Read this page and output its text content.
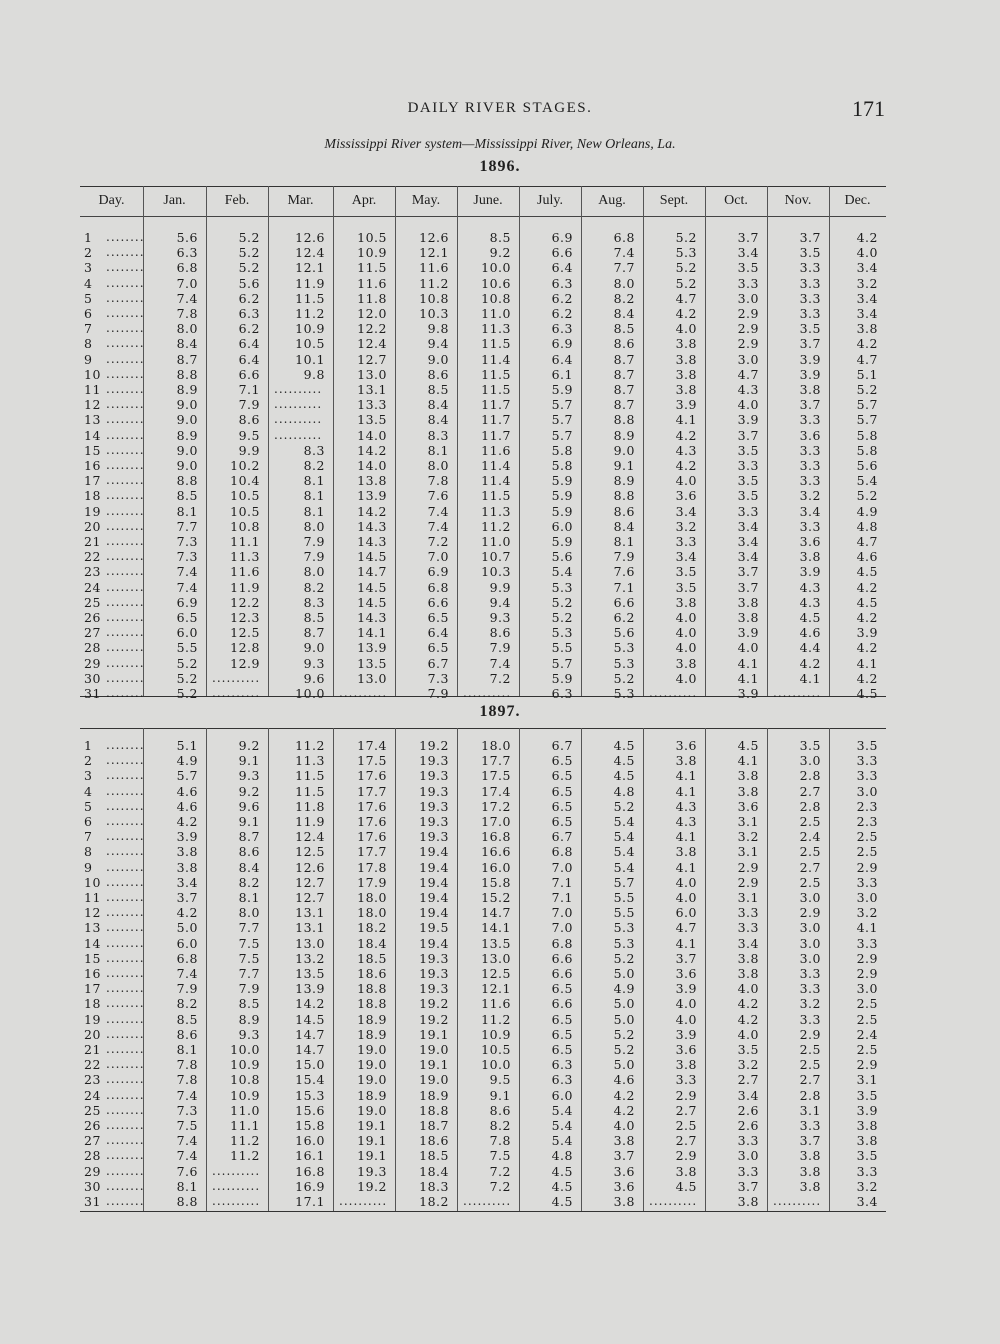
DAILY RIVER STAGES.	171
Mississippi River system—Mississippi River, New Orleans, La.
1896.
1897.
Day.	Jan.	Feb.	Mar.	Apr.	May.	June.	July.	Aug.	Sept.	Oct.	Nov.	Dec.
1	........	5.6	5.2	12.6	10.5	12.6	8.5	6.9	6.8	5.2	3.7	3.7	4.2
2	........	6.3	5.2	12.4	10.9	12.1	9.2	6.6	7.4	5.3	3.4	3.5	4.0
3	........	6.8	5.2	12.1	11.5	11.6	10.0	6.4	7.7	5.2	3.5	3.3	3.4
4	........	7.0	5.6	11.9	11.6	11.2	10.6	6.3	8.0	5.2	3.3	3.3	3.2
5	........	7.4	6.2	11.5	11.8	10.8	10.8	6.2	8.2	4.7	3.0	3.3	3.4
6	........	7.8	6.3	11.2	12.0	10.3	11.0	6.2	8.4	4.2	2.9	3.3	3.4
7	........	8.0	6.2	10.9	12.2	9.8	11.3	6.3	8.5	4.0	2.9	3.5	3.8
8	........	8.4	6.4	10.5	12.4	9.4	11.5	6.9	8.6	3.8	2.9	3.7	4.2
9	........	8.7	6.4	10.1	12.7	9.0	11.4	6.4	8.7	3.8	3.0	3.9	4.7
10 ........	8.8	6.6	9.8	13.0	8.6	11.5	6.1	8.7	3.8	4.7	3.9	5.1
11 ........	8.9	7.1 ..........	13.1	8.5	11.5	5.9	8.7	3.8	4.3	3.8	5.2
12 ........	9.0	7.9 ..........	13.3	8.4	11.7	5.7	8.7	3.9	4.0	3.7	5.7
13 ........	9.0	8.6 ..........	13.5	8.4	11.7	5.7	8.8	4.1	3.9	3.3	5.7
14 ........	8.9	9.5 ..........	14.0	8.3	11.7	5.7	8.9	4.2	3.7	3.6	5.8
15 ........	9.0	9.9	8.3	14.2	8.1	11.6	5.8	9.0	4.3	3.5	3.3	5.8
16 ........	9.0	10.2	8.2	14.0	8.0	11.4	5.8	9.1	4.2	3.3	3.3	5.6
17 ........	8.8	10.4	8.1	13.8	7.8	11.4	5.9	8.9	4.0	3.5	3.3	5.4
18 ........	8.5	10.5	8.1	13.9	7.6	11.5	5.9	8.8	3.6	3.5	3.2	5.2
19 ........	8.1	10.5	8.1	14.2	7.4	11.3	5.9	8.6	3.4	3.3	3.4	4.9
20 ........	7.7	10.8	8.0	14.3	7.4	11.2	6.0	8.4	3.2	3.4	3.3	4.8
21 ........	7.3	11.1	7.9	14.3	7.2	11.0	5.9	8.1	3.3	3.4	3.6	4.7
22 ........	7.3	11.3	7.9	14.5	7.0	10.7	5.6	7.9	3.4	3.4	3.8	4.6
23 ........	7.4	11.6	8.0	14.7	6.9	10.3	5.4	7.6	3.5	3.7	3.9	4.5
24 ........	7.4	11.9	8.2	14.5	6.8	9.9	5.3	7.1	3.5	3.7	4.3	4.2
25 ........	6.9	12.2	8.3	14.5	6.6	9.4	5.2	6.6	3.8	3.8	4.3	4.5
26 ........	6.5	12.3	8.5	14.3	6.5	9.3	5.2	6.2	4.0	3.8	4.5	4.2
27 ........	6.0	12.5	8.7	14.1	6.4	8.6	5.3	5.6	4.0	3.9	4.6	3.9
28 ........	5.5	12.8	9.0	13.9	6.5	7.9	5.5	5.3	4.0	4.0	4.4	4.2
29 ........	5.2	12.9	9.3	13.5	6.7	7.4	5.7	5.3	3.8	4.1	4.2	4.1
30 ........	5.2 ..........	9.6	13.0	7.3	7.2	5.9	5.2	4.0	4.1	4.1	4.2
31 ........	5.2 ..........	10.0 ..........	7.9 ..........	6.3	5.3 ..........	3.9 ..........	4.5
1	........	5.1	9.2	11.2	17.4	19.2	18.0	6.7	4.5	3.6	4.5	3.5	3.5
2	........	4.9	9.1	11.3	17.5	19.3	17.7	6.5	4.5	3.8	4.1	3.0	3.3
3	........	5.7	9.3	11.5	17.6	19.3	17.5	6.5	4.5	4.1	3.8	2.8	3.3
4	........	4.6	9.2	11.5	17.7	19.3	17.4	6.5	4.8	4.1	3.8	2.7	3.0
5	........	4.6	9.6	11.8	17.6	19.3	17.2	6.5	5.2	4.3	3.6	2.8	2.3
6	........	4.2	9.1	11.9	17.6	19.3	17.0	6.5	5.4	4.3	3.1	2.5	2.3
7	........	3.9	8.7	12.4	17.6	19.3	16.8	6.7	5.4	4.1	3.2	2.4	2.5
8	........	3.8	8.6	12.5	17.7	19.4	16.6	6.8	5.4	3.8	3.1	2.5	2.5
9	........	3.8	8.4	12.6	17.8	19.4	16.0	7.0	5.4	4.1	2.9	2.7	2.9
10 ........	3.4	8.2	12.7	17.9	19.4	15.8	7.1	5.7	4.0	2.9	2.5	3.3
11 ........	3.7	8.1	12.7	18.0	19.4	15.2	7.1	5.5	4.0	3.1	3.0	3.0
12 ........	4.2	8.0	13.1	18.0	19.4	14.7	7.0	5.5	6.0	3.3	2.9	3.2
13 ........	5.0	7.7	13.1	18.2	19.5	14.1	7.0	5.3	4.7	3.3	3.0	4.1
14 ........	6.0	7.5	13.0	18.4	19.4	13.5	6.8	5.3	4.1	3.4	3.0	3.3
15 ........	6.8	7.5	13.2	18.5	19.3	13.0	6.6	5.2	3.7	3.8	3.0	2.9
16 ........	7.4	7.7	13.5	18.6	19.3	12.5	6.6	5.0	3.6	3.8	3.3	2.9
17 ........	7.9	7.9	13.9	18.8	19.3	12.1	6.5	4.9	3.9	4.0	3.3	3.0
18 ........	8.2	8.5	14.2	18.8	19.2	11.6	6.6	5.0	4.0	4.2	3.2	2.5
19 ........	8.5	8.9	14.5	18.9	19.2	11.2	6.5	5.0	4.0	4.2	3.3	2.5
20 ........	8.6	9.3	14.7	18.9	19.1	10.9	6.5	5.2	3.9	4.0	2.9	2.4
21 ........	8.1	10.0	14.7	19.0	19.0	10.5	6.5	5.2	3.6	3.5	2.5	2.5
22 ........	7.8	10.9	15.0	19.0	19.1	10.0	6.3	5.0	3.8	3.2	2.5	2.9
23 ........	7.8	10.8	15.4	19.0	19.0	9.5	6.3	4.6	3.3	2.7	2.7	3.1
24 ........	7.4	10.9	15.3	18.9	18.9	9.1	6.0	4.2	2.9	3.4	2.8	3.5
25 ........	7.3	11.0	15.6	19.0	18.8	8.6	5.4	4.2	2.7	2.6	3.1	3.9
26 ........	7.5	11.1	15.8	19.1	18.7	8.2	5.4	4.0	2.5	2.6	3.3	3.8
27 ........	7.4	11.2	16.0	19.1	18.6	7.8	5.4	3.8	2.7	3.3	3.7	3.8
28 ........	7.4	11.2	16.1	19.1	18.5	7.5	4.8	3.7	2.9	3.0	3.8	3.5
29 ........	7.6 ..........	16.8	19.3	18.4	7.2	4.5	3.6	3.8	3.3	3.8	3.3
30 ........	8.1 ..........	16.9	19.2	18.3	7.2	4.5	3.6	4.5	3.7	3.8	3.2
31 ........	8.8 ..........	17.1 ..........	18.2 ..........	4.5	3.8 ..........	3.8 ..........	3.4
